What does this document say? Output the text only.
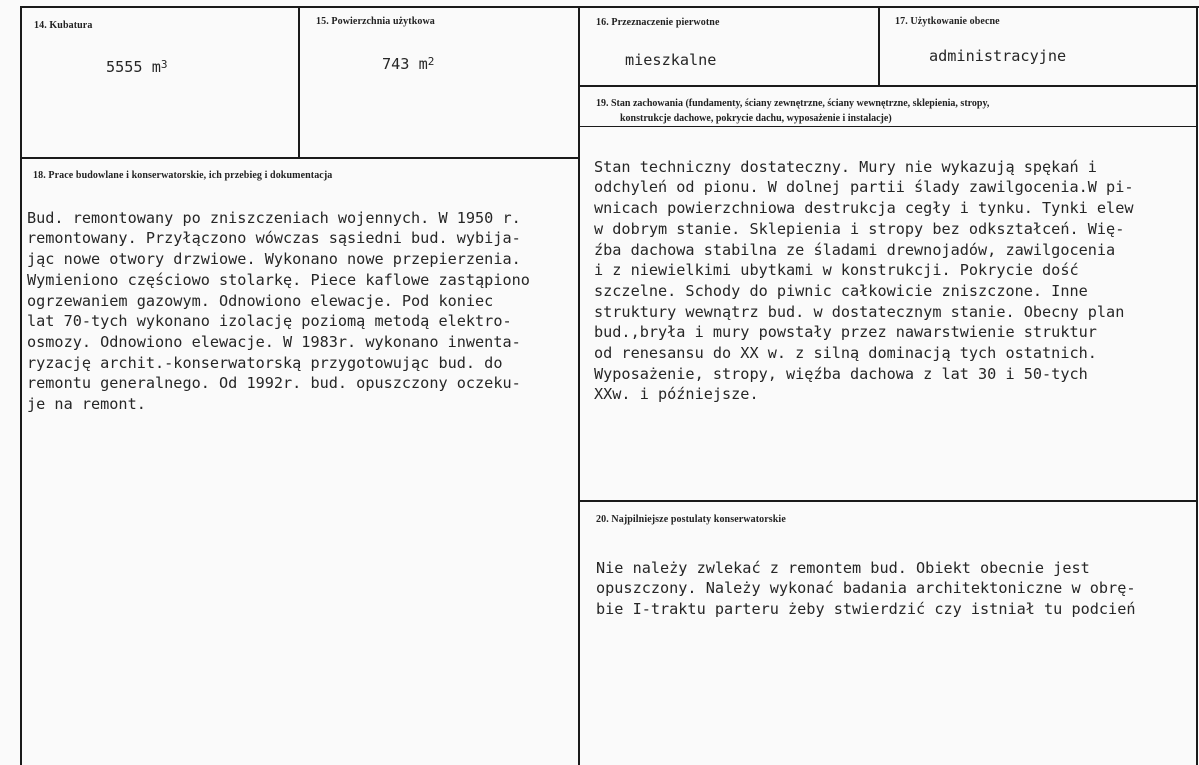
14. Kubatura
5555 $m^3$
15. Powierzchnia użytkowa
743 $m^2$
16. Przeznaczenie pierwotne
mieszkalne
17. Użytkowanie obecne
administracyjne
18. Prace budowlane i konserwatorskie, ich przebieg i dokumentacja

Bud. remontowany po zniszczeniach wojennych. W 1950 r.
remontowany. Przyłączono wówczas sąsiedni bud. wybija-
jąc nowe otwory drzwiowe. Wykonano nowe przepierzenia.
Wymieniono częściowo stolarkę. Piece kaflowe zastąpiono
ogrzewaniem gazowym. Odnowiono elewacje. Pod koniec
lat 70-tych wykonano izolację poziomą metodą elektro-
osmozy. Odnowiono elewacje. W 1983r. wykonano inwenta-
ryzację archit.-konserwatorską przygotowując bud. do
remontu generalnego. Od 1992r. bud. opuszczony oczeku-
je na remont.

19. Stan zachowania (fundamenty, ściany zewnętrzne, ściany wewnętrzne, sklepienia, stropy,
konstrukcje dachowe, pokrycie dachu, wyposażenie i instalacje)

Stan techniczny dostateczny. Mury nie wykazują spękań i
odchyleń od pionu. W dolnej partii ślady zawilgocenia.W pi-
wnicach powierzchniowa destrukcja cegły i tynku. Tynki elew
w dobrym stanie. Sklepienia i stropy bez odkształceń. Wię-
źba dachowa stabilna ze śladami drewnojadów, zawilgocenia
i z niewielkimi ubytkami w konstrukcji. Pokrycie dość
szczelne. Schody do piwnic całkowicie zniszczone. Inne
struktury wewnątrz bud. w dostatecznym stanie. Obecny plan
bud.,bryła i mury powstały przez nawarstwienie struktur
od renesansu do XX w. z silną dominacją tych ostatnich.
Wyposażenie, stropy, więźba dachowa z lat 30 i 50-tych
XXw. i późniejsze.

20. Najpilniejsze postulaty konserwatorskie

Nie należy zwlekać z remontem bud. Obiekt obecnie jest
opuszczony. Należy wykonać badania architektoniczne w obrę-
bie I-traktu parteru żeby stwierdzić czy istniał tu podcień
